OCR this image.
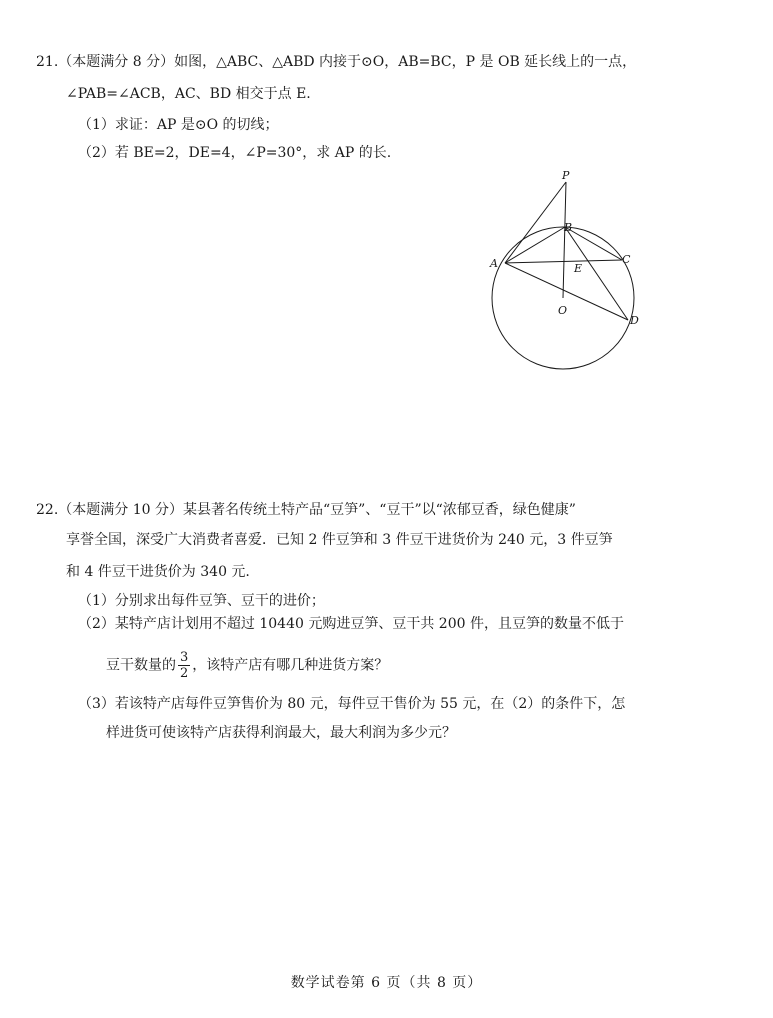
21.（本题满分 8 分）如图，△ABC、△ABD 内接于⊙O，AB=BC，P 是 OB 延长线上的一点，
∠PAB=∠ACB，AC、BD 相交于点 E.
（1）求证：AP 是⊙O 的切线；
（2）若 BE=2，DE=4，∠P=30°，求 AP 的长.
P
B
A	C
E
O
D
22.（本题满分 10 分）某县著名传统土特产品“豆笋”、“豆干”以“浓郁豆香，绿色健康”
享誉全国，深受广大消费者喜爱．已知 2 件豆笋和 3 件豆干进货价为 240 元，3 件豆笋
和 4 件豆干进货价为 340 元.
（1）分别求出每件豆笋、豆干的进价；
（2）某特产店计划用不超过 10440 元购进豆笋、豆干共 200 件，且豆笋的数量不低于
豆干数量的 $\frac{3}{2}$ ，该特产店有哪几种进货方案？
（3）若该特产店每件豆笋售价为 80 元，每件豆干售价为 55 元，在（2）的条件下，怎
样进货可使该特产店获得利润最大，最大利润为多少元？
数学试卷第 6 页（共 8 页）
